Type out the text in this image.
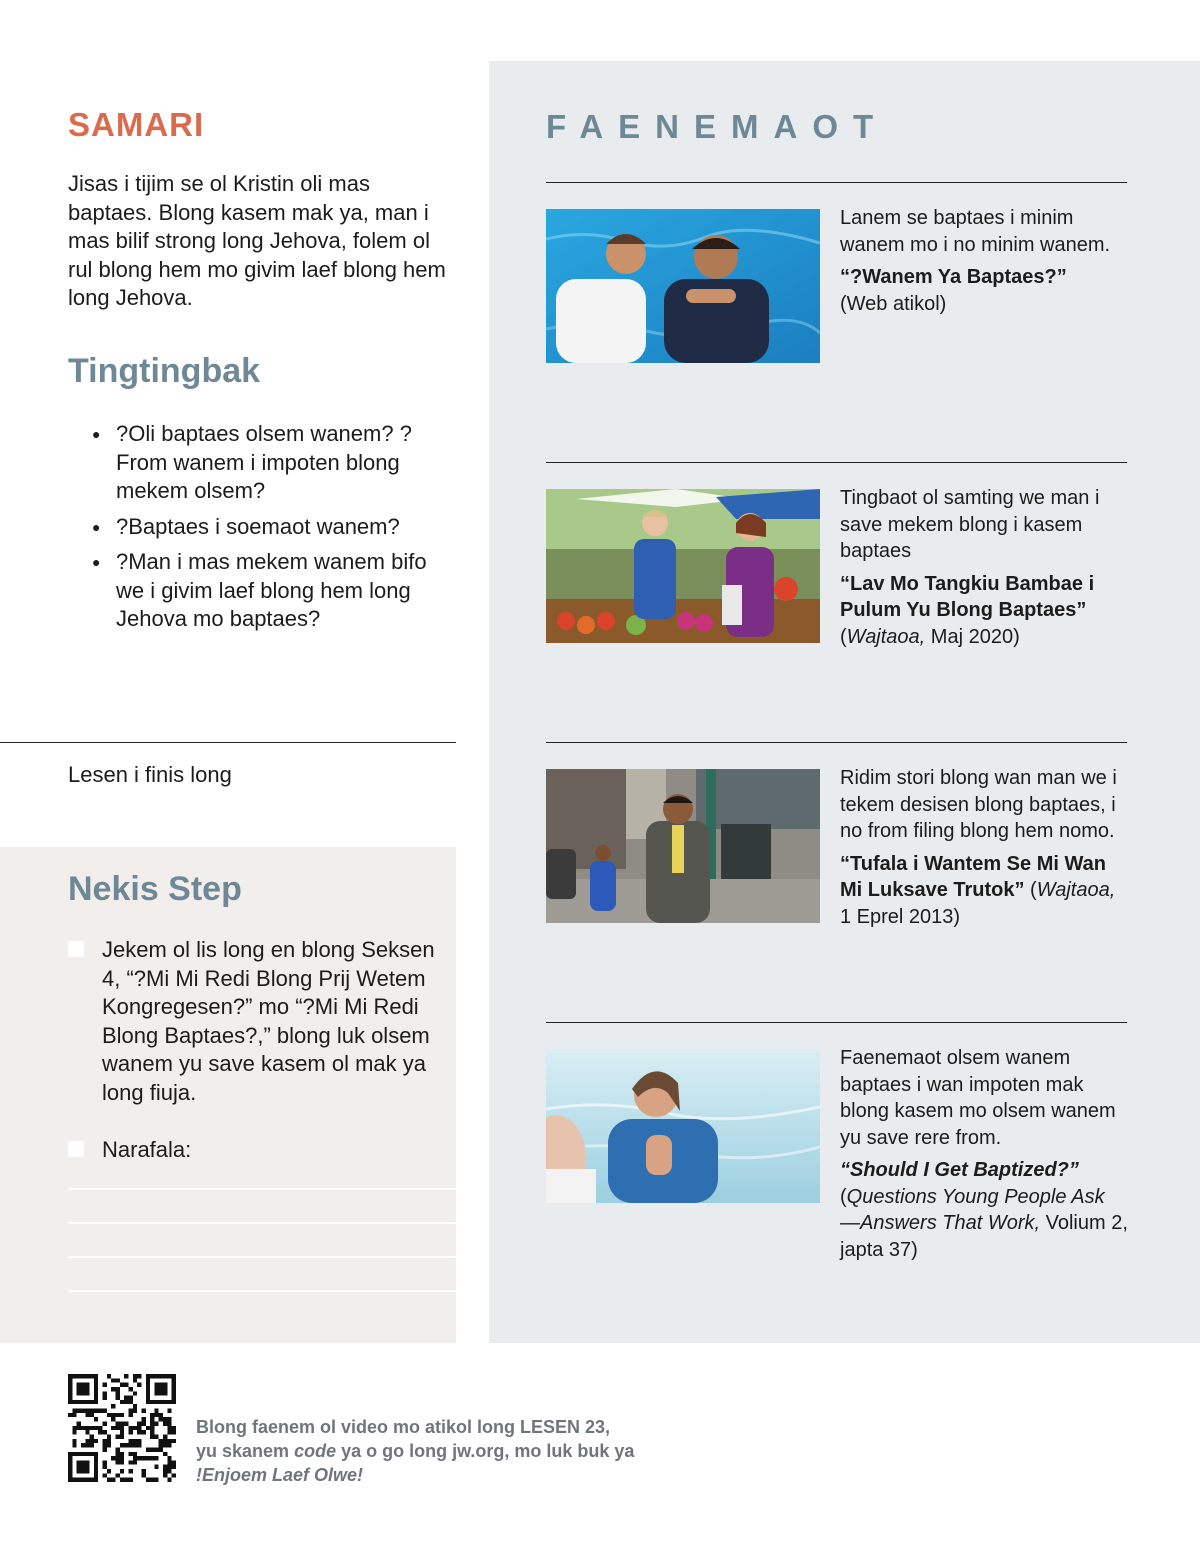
SAMARI
Jisas i tijim se ol Kristin oli mas baptaes. Blong kasem mak ya, man i mas bilif strong long Jehova, folem ol rul blong hem mo givim laef blong hem long Jehova.
Tingtingbak
● ?Oli baptaes olsem wanem? ?From wanem i impoten blong mekem olsem?
● ?Baptaes i soemaot wanem?
● ?Man i mas mekem wanem bifo we i givim laef blong hem long Jehova mo baptaes?
Lesen i finis long
Nekis Step
Jekem ol lis long en blong Seksen 4, “?Mi Mi Redi Blong Prij Wetem Kongregesen?” mo “?Mi Mi Redi Blong Baptaes?,” blong luk olsem wanem yu save kasem ol mak ya long fiuja.
Narafala:
FAENEMAOT
Lanem se baptaes i minim wanem mo i no minim wanem.
“?Wanem Ya Baptaes?”
(Web atikol)
Tingbaot ol samting we man i save mekem blong i kasem baptaes
“Lav Mo Tangkiu Bambae i Pulum Yu Blong Baptaes”
(Wajtaoa, Maj 2020)
Ridim stori blong wan man we i tekem desisen blong baptaes, i no from filing blong hem nomo.
“Tufala i Wantem Se Mi Wan Mi Luksave Trutok” (Wajtaoa, 1 Eprel 2013)
Faenemaot olsem wanem baptaes i wan impoten mak blong kasem mo olsem wanem yu save rere from.
“Should I Get Baptized?”
(Questions Young People Ask —Answers That Work, Volium 2, japta 37)
Blong faenem ol video mo atikol long LESEN 23,
yu skanem code ya o go long jw.org, mo luk buk ya
!Enjoem Laef Olwe!
